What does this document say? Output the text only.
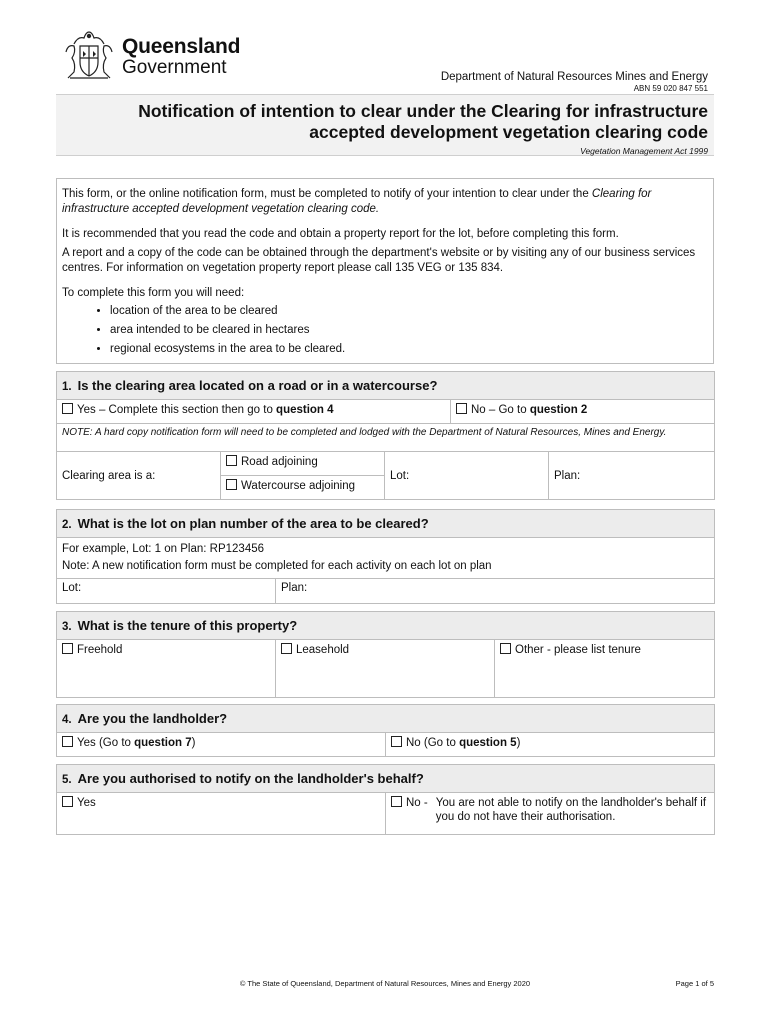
Queensland
Government	Department of Natural Resources Mines and Energy
ABN 59 020 847 551
Notification of intention to clear under the Clearing for infrastructure
accepted development vegetation clearing code
Vegetation Management Act 1999

This form, or the online notification form, must be completed to notify of your intention to clear under the Clearing for infrastructure accepted development vegetation clearing code.

It is recommended that you read the code and obtain a property report for the lot, before completing this form.

A report and a copy of the code can be obtained through the department's website or by visiting any of our business services centres. For information on vegetation property report please call 135 VEG or 135 834.

To complete this form you will need:

• location of the area to be cleared
• area intended to be cleared in hectares
• regional ecosystems in the area to be cleared.
1. Is the clearing area located on a road or in a watercourse?				
Yes – Complete this section then go to question 4			No – Go to question 2	
NOTE: A hard copy notification form will need to be completed and lodged with the Department of Natural Resources, Mines and Energy.				
Clearing area is a:	Road adjoining	Lot:		Plan:
	Watercourse adjoining			
2. What is the lot on plan number of the area to be cleared?
For example, Lot: 1 on Plan: RP123456
Note: A new notification form must be completed for each activity on each lot on plan
Lot:	Plan:
3. What is the tenure of this property?
Freehold	Leasehold	Other - please list tenure
4. Are you the landholder?
Yes (Go to question 7)	No (Go to question 5)
5. Are you authorised to notify on the landholder's behalf?
Yes	No - You are not able to notify on the landholder's behalf if you do not have their authorisation.
© The State of Queensland, Department of Natural Resources, Mines and Energy 2020	Page 1 of 5
